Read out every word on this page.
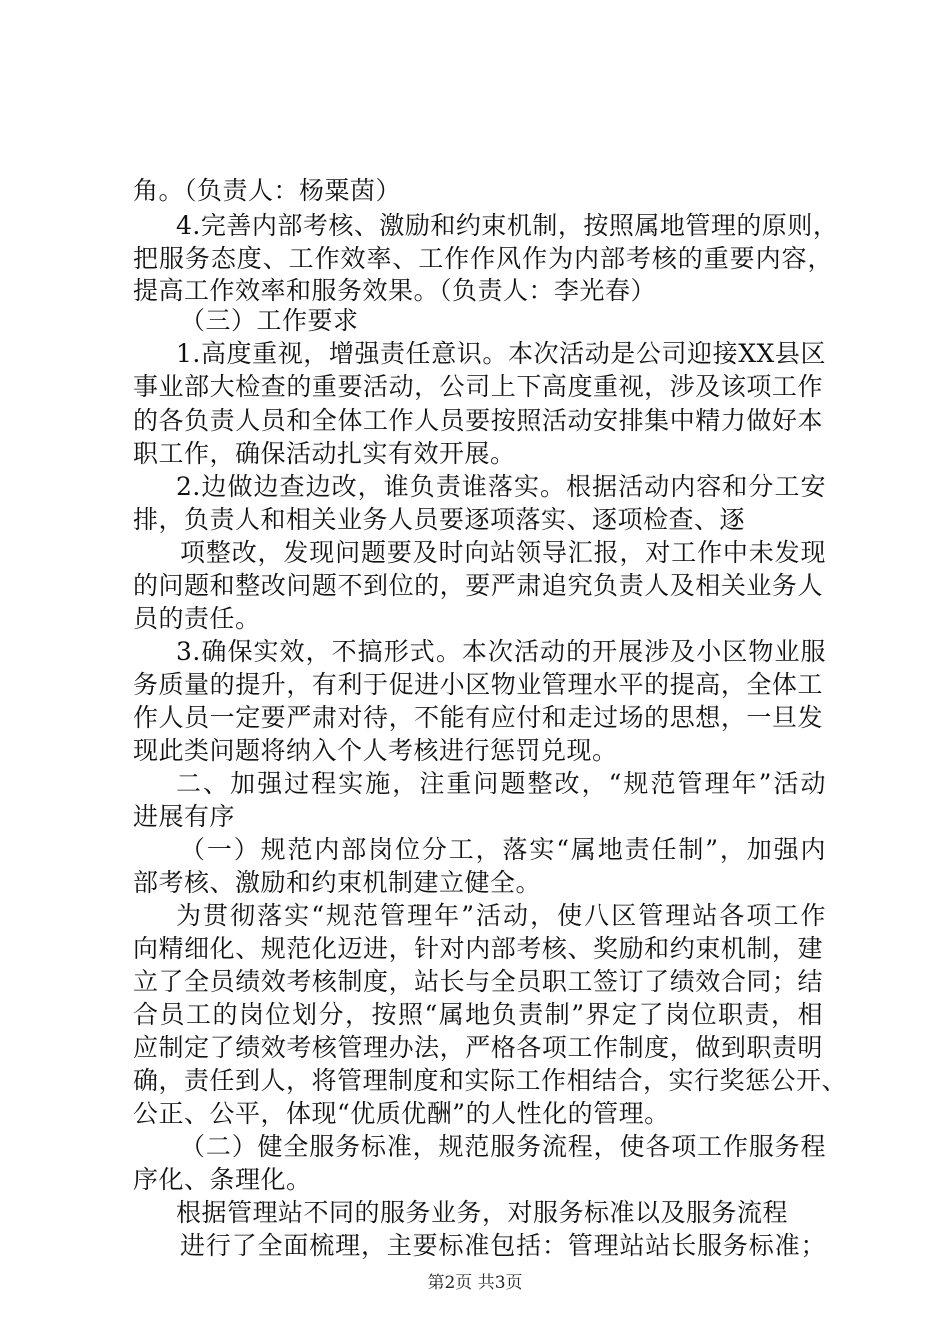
角。（负责人：杨粟茵）
4.完善内部考核、激励和约束机制，按照属地管理的原则，
把服务态度、工作效率、工作作风作为内部考核的重要内容，
提高工作效率和服务效果。（负责人：李光春）
（三）工作要求
1.高度重视，增强责任意识。本次活动是公司迎接XX县区
事业部大检查的重要活动，公司上下高度重视，涉及该项工作
的各负责人员和全体工作人员要按照活动安排集中精力做好本
职工作，确保活动扎实有效开展。
2.边做边查边改，谁负责谁落实。根据活动内容和分工安
排，负责人和相关业务人员要逐项落实、逐项检查、逐
项整改，发现问题要及时向站领导汇报，对工作中未发现
的问题和整改问题不到位的，要严肃追究负责人及相关业务人
员的责任。
3.确保实效，不搞形式。本次活动的开展涉及小区物业服
务质量的提升，有利于促进小区物业管理水平的提高，全体工
作人员一定要严肃对待，不能有应付和走过场的思想，一旦发
现此类问题将纳入个人考核进行惩罚兑现。
二、加强过程实施，注重问题整改，“规范管理年”活动
进展有序
（一）规范内部岗位分工，落实“属地责任制”，加强内
部考核、激励和约束机制建立健全。
为贯彻落实“规范管理年”活动，使八区管理站各项工作
向精细化、规范化迈进，针对内部考核、奖励和约束机制，建
立了全员绩效考核制度，站长与全员职工签订了绩效合同；结
合员工的岗位划分，按照“属地负责制”界定了岗位职责，相
应制定了绩效考核管理办法，严格各项工作制度，做到职责明
确，责任到人，将管理制度和实际工作相结合，实行奖惩公开、
公正、公平，体现“优质优酬”的人性化的管理。
（二）健全服务标准，规范服务流程，使各项工作服务程
序化、条理化。
根据管理站不同的服务业务，对服务标准以及服务流程
进行了全面梳理，主要标准包括：管理站站长服务标准；
第2页 共3页
